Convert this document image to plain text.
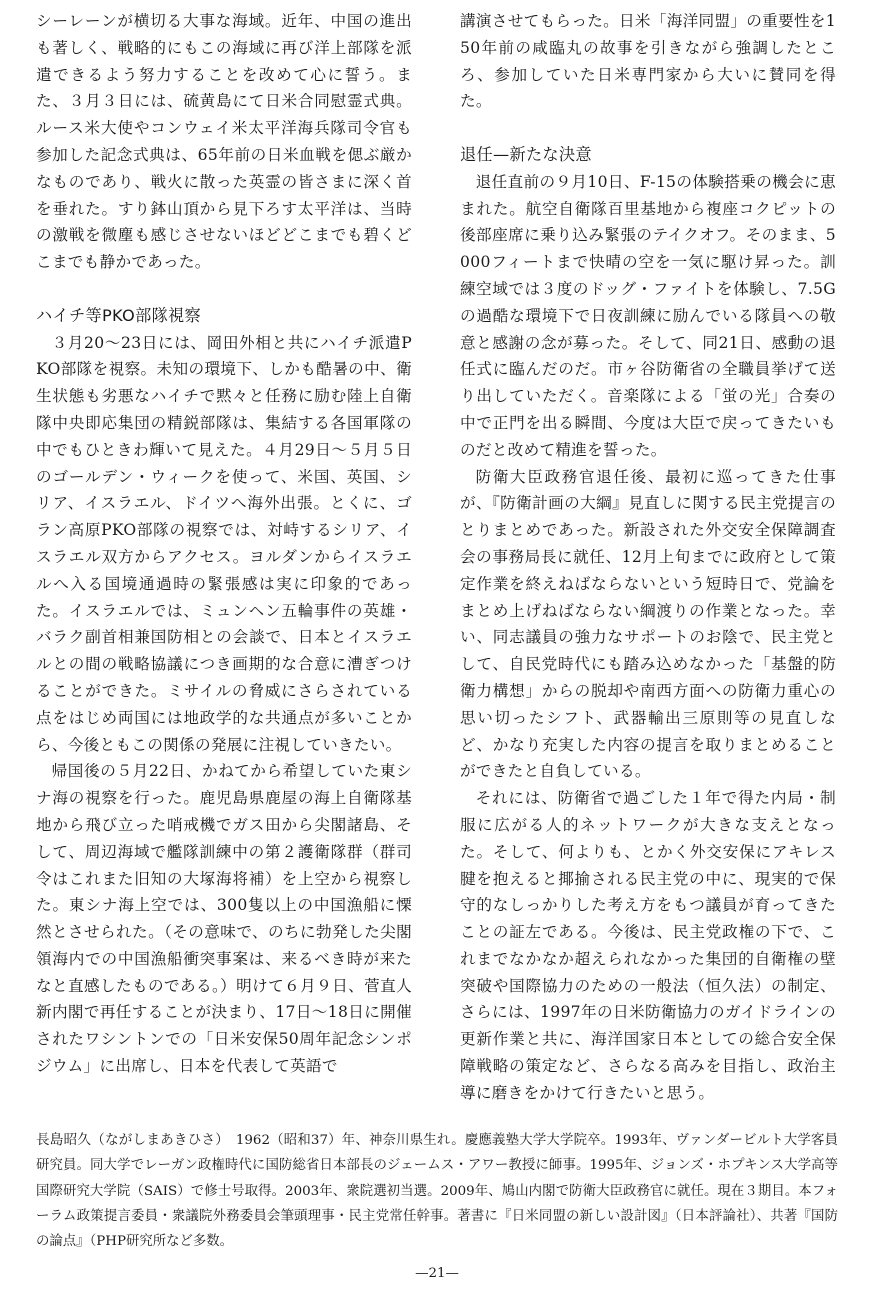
シーレーンが横切る大事な海域。近年、中国の進出も著しく、戦略的にもこの海域に再び洋上部隊を派遣できるよう努力することを改めて心に誓う。また、３月３日には、硫黄島にて日米合同慰霊式典。ルース米大使やコンウェイ米太平洋海兵隊司令官も参加した記念式典は、65年前の日米血戦を偲ぶ厳かなものであり、戦火に散った英霊の皆さまに深く首を垂れた。すり鉢山頂から見下ろす太平洋は、当時の激戦を微塵も感じさせないほどどこまでも碧くどこまでも静かであった。

ハイチ等PKO部隊視察

３月20〜23日には、岡田外相と共にハイチ派遣PKO部隊を視察。未知の環境下、しかも酷暑の中、衛生状態も劣悪なハイチで黙々と任務に励む陸上自衛隊中央即応集団の精鋭部隊は、集結する各国軍隊の中でもひときわ輝いて見えた。４月29日〜５月５日のゴールデン・ウィークを使って、米国、英国、シリア、イスラエル、ドイツへ海外出張。とくに、ゴラン高原PKO部隊の視察では、対峙するシリア、イスラエル双方からアクセス。ヨルダンからイスラエルへ入る国境通過時の緊張感は実に印象的であった。イスラエルでは、ミュンヘン五輪事件の英雄・バラク副首相兼国防相との会談で、日本とイスラエルとの間の戦略協議につき画期的な合意に漕ぎつけることができた。ミサイルの脅威にさらされている点をはじめ両国には地政学的な共通点が多いことから、今後ともこの関係の発展に注視していきたい。

帰国後の５月22日、かねてから希望していた東シナ海の視察を行った。鹿児島県鹿屋の海上自衛隊基地から飛び立った哨戒機でガス田から尖閣諸島、そして、周辺海域で艦隊訓練中の第２護衛隊群（群司令はこれまた旧知の大塚海将補）を上空から視察した。東シナ海上空では、300隻以上の中国漁船に慄然とさせられた。（その意味で、のちに勃発した尖閣領海内での中国漁船衝突事案は、来るべき時が来たなと直感したものである。）明けて６月９日、菅直人新内閣で再任することが決まり、17日〜18日に開催されたワシントンでの「日米安保50周年記念シンポジウム」に出席し、日本を代表して英語で

講演させてもらった。日米「海洋同盟」の重要性を150年前の咸臨丸の故事を引きながら強調したところ、参加していた日米専門家から大いに賛同を得た。

退任—新たな決意

退任直前の９月10日、F-15の体験搭乗の機会に恵まれた。航空自衛隊百里基地から複座コクピットの後部座席に乗り込み緊張のテイクオフ。そのまま、5000フィートまで快晴の空を一気に駆け昇った。訓練空域では３度のドッグ・ファイトを体験し、7.5Gの過酷な環境下で日夜訓練に励んでいる隊員への敬意と感謝の念が募った。そして、同21日、感動の退任式に臨んだのだ。市ヶ谷防衛省の全職員挙げて送り出していただく。音楽隊による「蛍の光」合奏の中で正門を出る瞬間、今度は大臣で戻ってきたいものだと改めて精進を誓った。

防衛大臣政務官退任後、最初に巡ってきた仕事が、『防衛計画の大綱』見直しに関する民主党提言のとりまとめであった。新設された外交安全保障調査会の事務局長に就任、12月上旬までに政府として策定作業を終えねばならないという短時日で、党論をまとめ上げねばならない綱渡りの作業となった。幸い、同志議員の強力なサポートのお陰で、民主党として、自民党時代にも踏み込めなかった「基盤的防衛力構想」からの脱却や南西方面への防衛力重心の思い切ったシフト、武器輸出三原則等の見直しなど、かなり充実した内容の提言を取りまとめることができたと自負している。

それには、防衛省で過ごした１年で得た内局・制服に広がる人的ネットワークが大きな支えとなった。そして、何よりも、とかく外交安保にアキレス腱を抱えると揶揄される民主党の中に、現実的で保守的なしっかりした考え方をもつ議員が育ってきたことの証左である。今後は、民主党政権の下で、これまでなかなか超えられなかった集団的自衛権の壁突破や国際協力のための一般法（恒久法）の制定、さらには、1997年の日米防衛協力のガイドラインの更新作業と共に、海洋国家日本としての総合安全保障戦略の策定など、さらなる高みを目指し、政治主導に磨きをかけて行きたいと思う。

長島昭久（ながしまあきひさ）　 1962（昭和37）年、神奈川県生れ。慶應義塾大学大学院卒。1993年、ヴァンダービルト大学客員研究員。同大学でレーガン政権時代に国防総省日本部長のジェームス・アワー教授に師事。1995年、ジョンズ・ホプキンス大学高等国際研究大学院（SAIS）で修士号取得。2003年、衆院選初当選。2009年、鳩山内閣で防衛大臣政務官に就任。現在３期目。本フォーラム政策提言委員・衆議院外務委員会筆頭理事・民主党常任幹事。著書に『日米同盟の新しい設計図』（日本評論社）、共著『国防の論点』（PHP研究所など多数。

—21—
